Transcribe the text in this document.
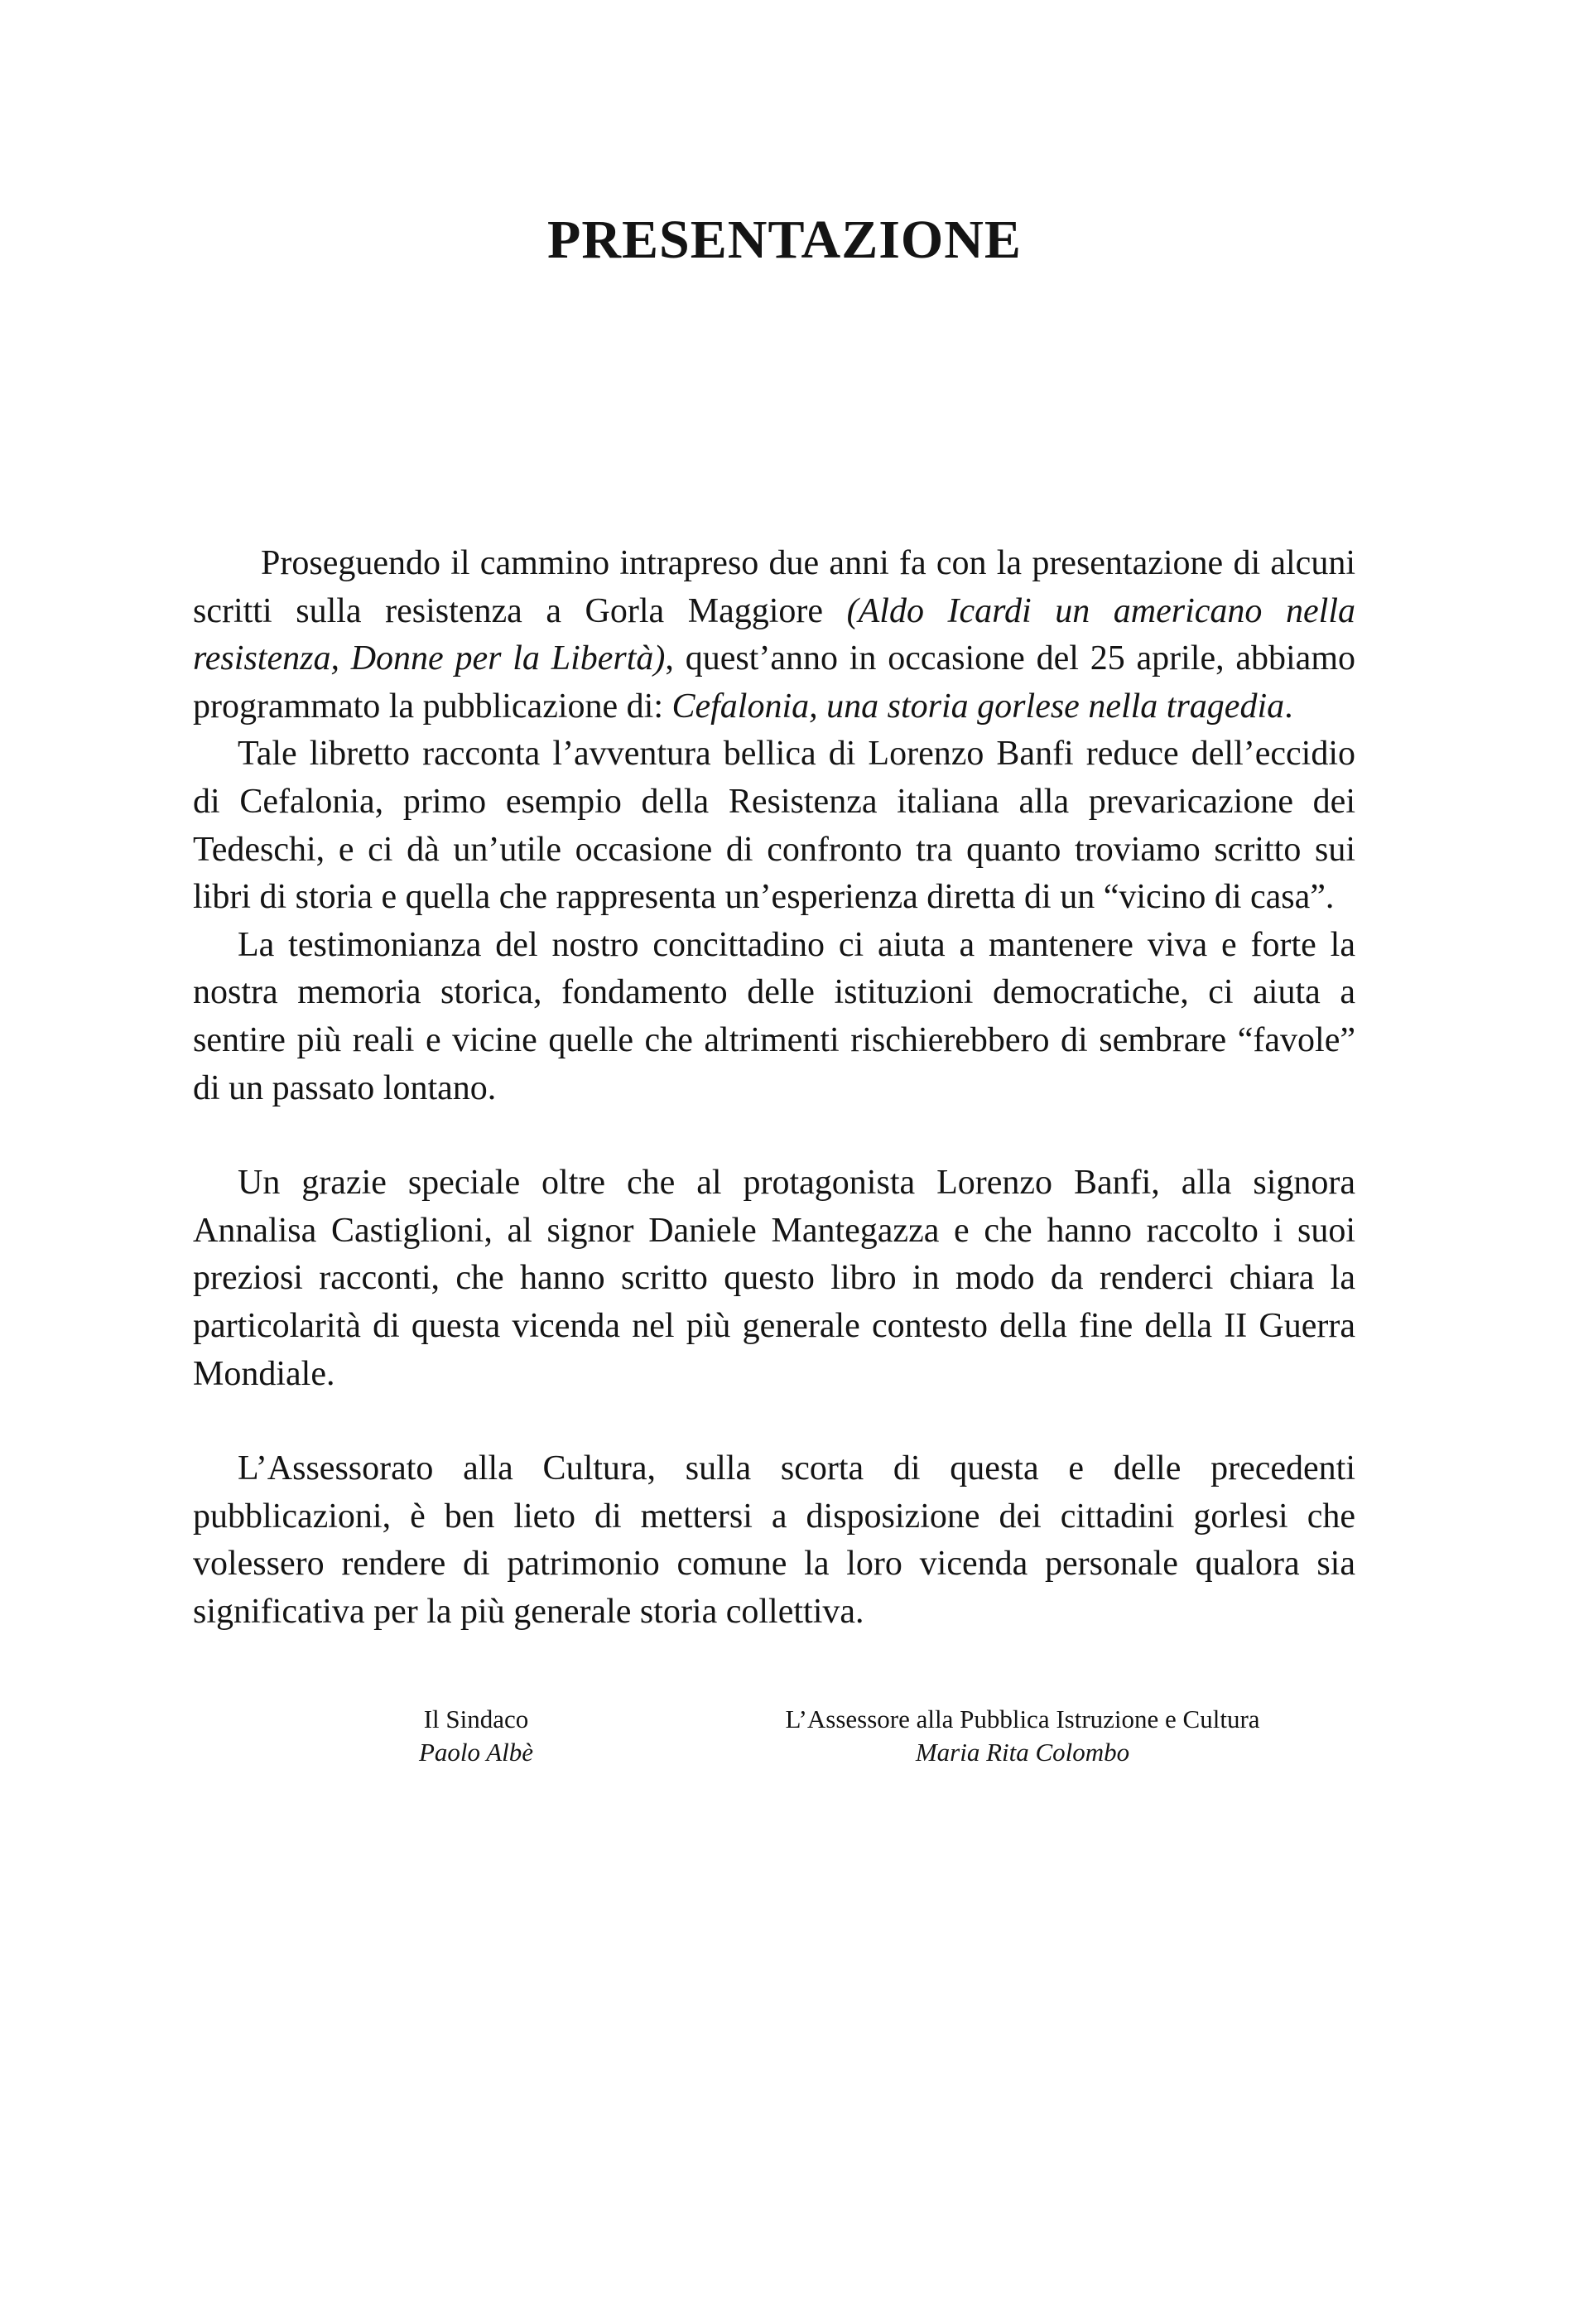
PRESENTAZIONE

Proseguendo il cammino intrapreso due anni fa con la presentazione di alcuni scritti sulla resistenza a Gorla Maggiore (Aldo Icardi un americano nella resistenza, Donne per la Libertà), quest’anno in occasione del 25 aprile, abbiamo programmato la pubblicazione di: Cefalonia, una storia gorlese nella tragedia.

Tale libretto racconta l’avventura bellica di Lorenzo Banfi reduce dell’eccidio di Cefalonia, primo esempio della Resistenza italiana alla prevaricazione dei Tedeschi, e ci dà un’utile occasione di confronto tra quanto troviamo scritto sui libri di storia e quella che rappresenta un’esperienza diretta di un “vicino di casa”.

La testimonianza del nostro concittadino ci aiuta a mantenere viva e forte la nostra memoria storica, fondamento delle istituzioni democratiche, ci aiuta a sentire più reali e vicine quelle che altrimenti rischierebbero di sembrare “favole” di un passato lontano.

Un grazie speciale oltre che al protagonista Lorenzo Banfi, alla signora Annalisa Castiglioni, al signor Daniele Mantegazza e che hanno raccolto i suoi preziosi racconti, che hanno scritto questo libro in modo da renderci chiara la particolarità di questa vicenda nel più generale contesto della fine della II Guerra Mondiale.

L’Assessorato alla Cultura, sulla scorta di questa e delle precedenti pubblicazioni, è ben lieto di mettersi a disposizione dei cittadini gorlesi che volessero rendere di patrimonio comune la loro vicenda personale qualora sia significativa per la più generale storia collettiva.

Il Sindaco
Paolo Albè
L’Assessore alla Pubblica Istruzione e Cultura
Maria Rita Colombo
